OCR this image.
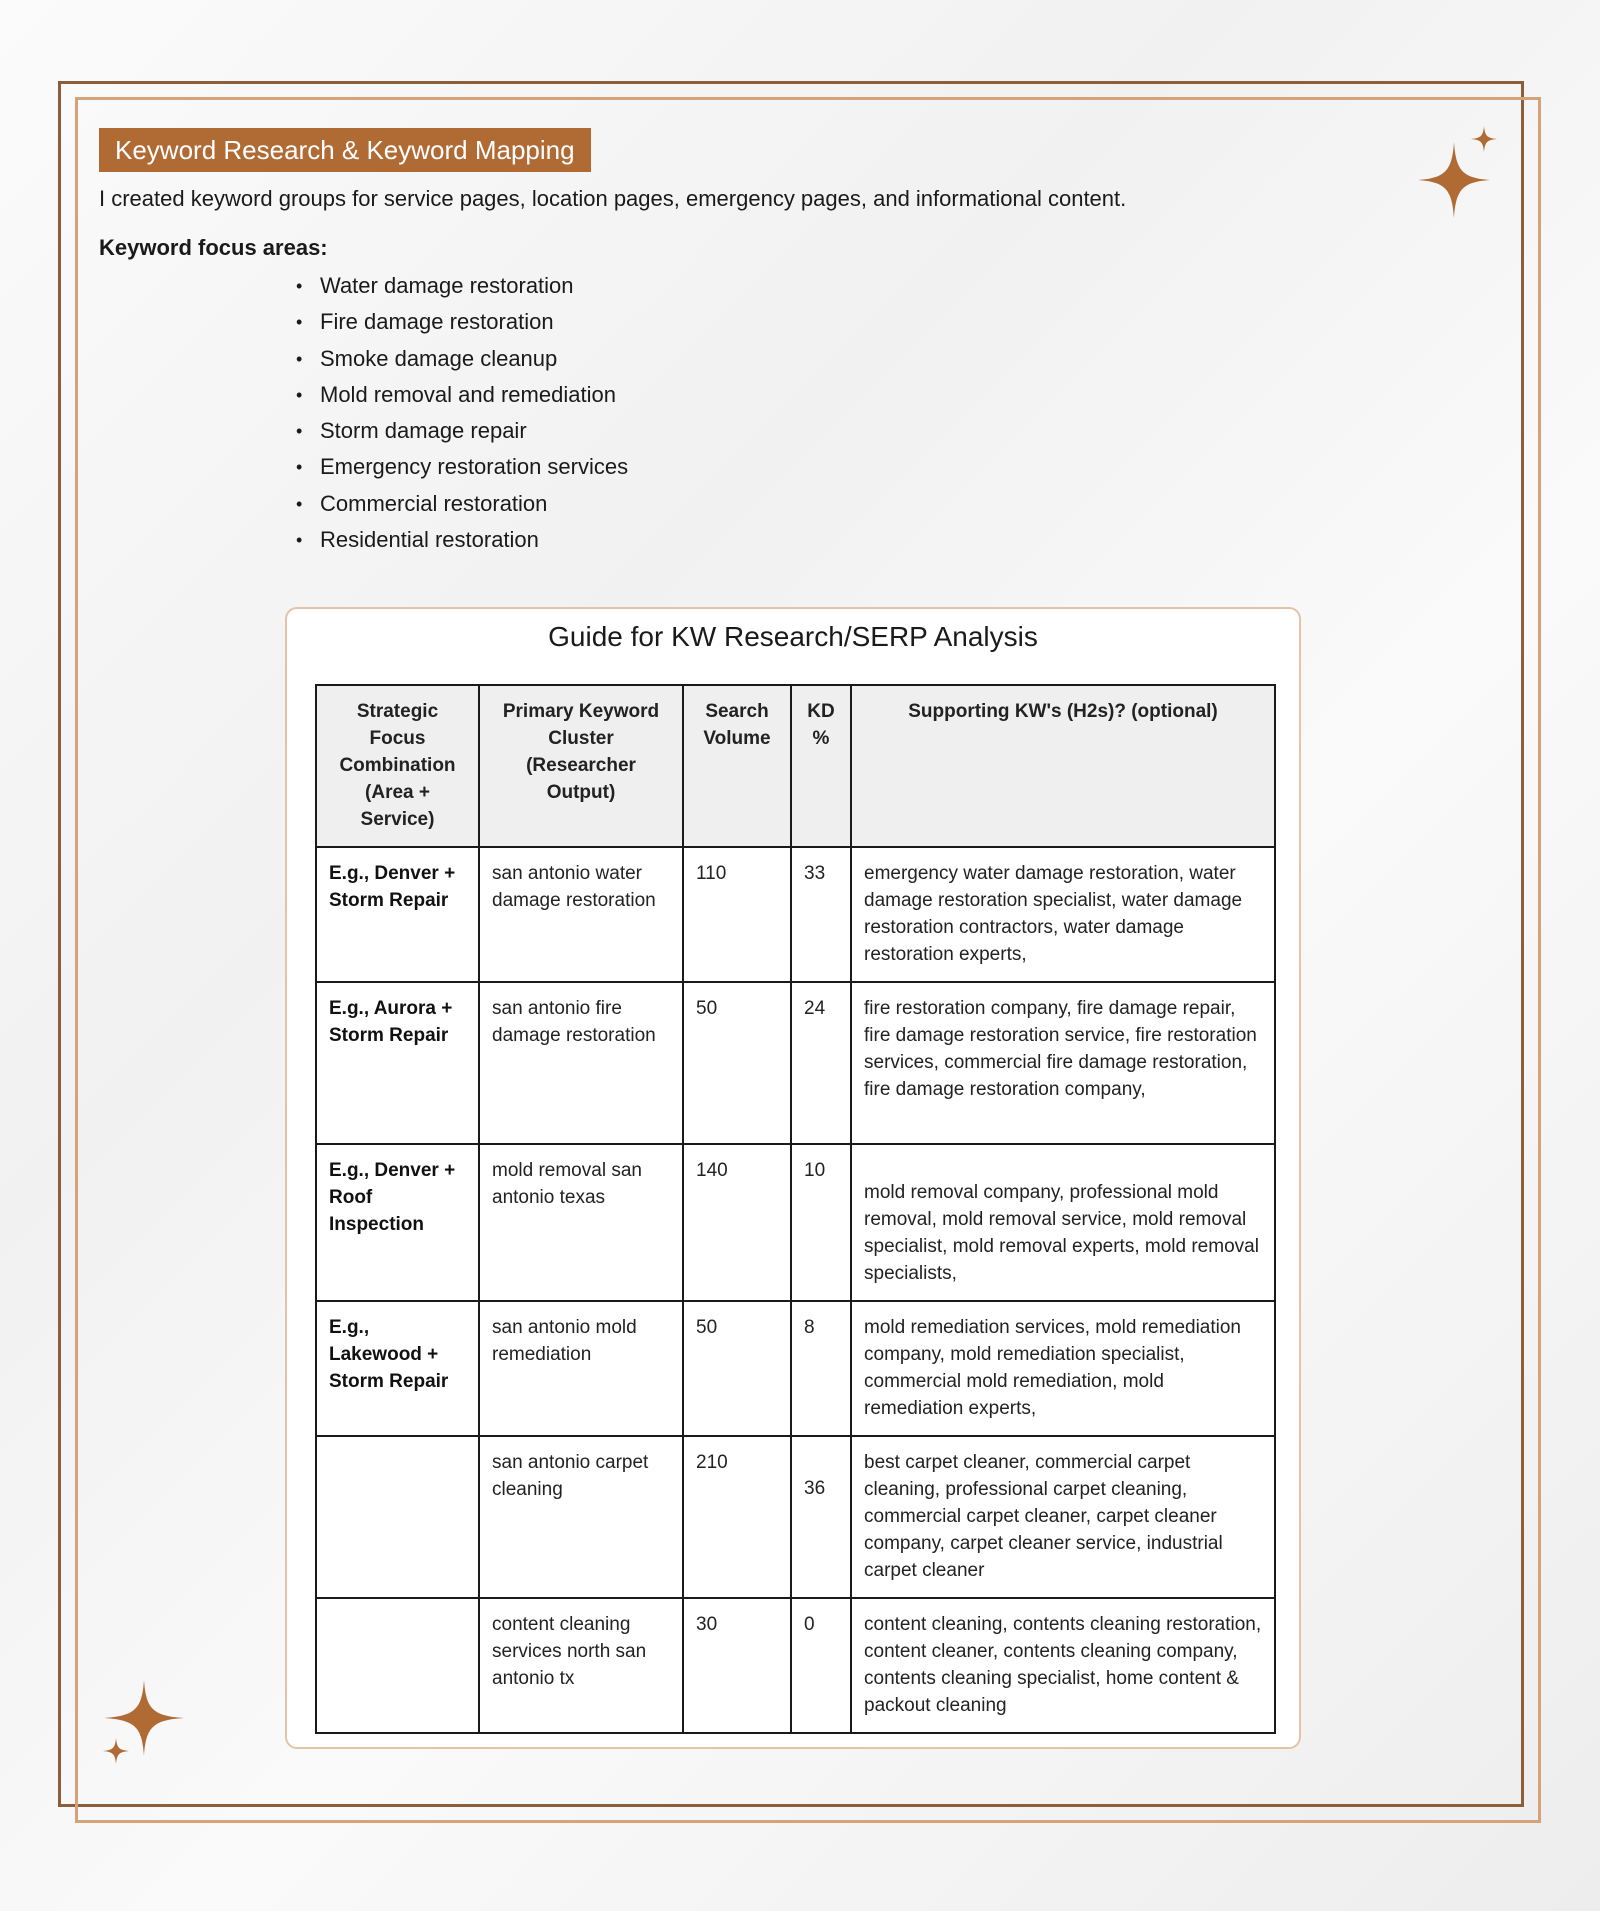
Keyword Research & Keyword Mapping
I created keyword groups for service pages, location pages, emergency pages, and informational content.
Keyword focus areas:
• Water damage restoration
• Fire damage restoration
• Smoke damage cleanup
• Mold removal and remediation
• Storm damage repair
• Emergency restoration services
• Commercial restoration
• Residential restoration
Guide for KW Research/SERP Analysis
Strategic Focus Combination (Area + Service)	Primary Keyword Cluster (Researcher Output)	Search Volume	KD %	Supporting KW's (H2s)? (optional)
E.g., Denver + Storm Repair	san antonio water damage restoration	110	33	emergency water damage restoration, water damage restoration specialist, water damage restoration contractors, water damage restoration experts,
E.g., Aurora + Storm Repair	san antonio fire damage restoration	50	24	fire restoration company, fire damage repair, fire damage restoration service, fire restoration services, commercial fire damage restoration, fire damage restoration company,
E.g., Denver + Roof Inspection	mold removal san antonio texas	140	10	mold removal company, professional mold removal, mold removal service, mold removal specialist, mold removal experts, mold removal specialists,
E.g., Lakewood + Storm Repair	san antonio mold remediation	50	8	mold remediation services, mold remediation company, mold remediation specialist, commercial mold remediation, mold remediation experts,
	san antonio carpet cleaning	210	36	best carpet cleaner, commercial carpet cleaning, professional carpet cleaning, commercial carpet cleaner, carpet cleaner company, carpet cleaner service, industrial carpet cleaner
	content cleaning services north san antonio tx	30	0	content cleaning, contents cleaning restoration, content cleaner, contents cleaning company, contents cleaning specialist, home content & packout cleaning
